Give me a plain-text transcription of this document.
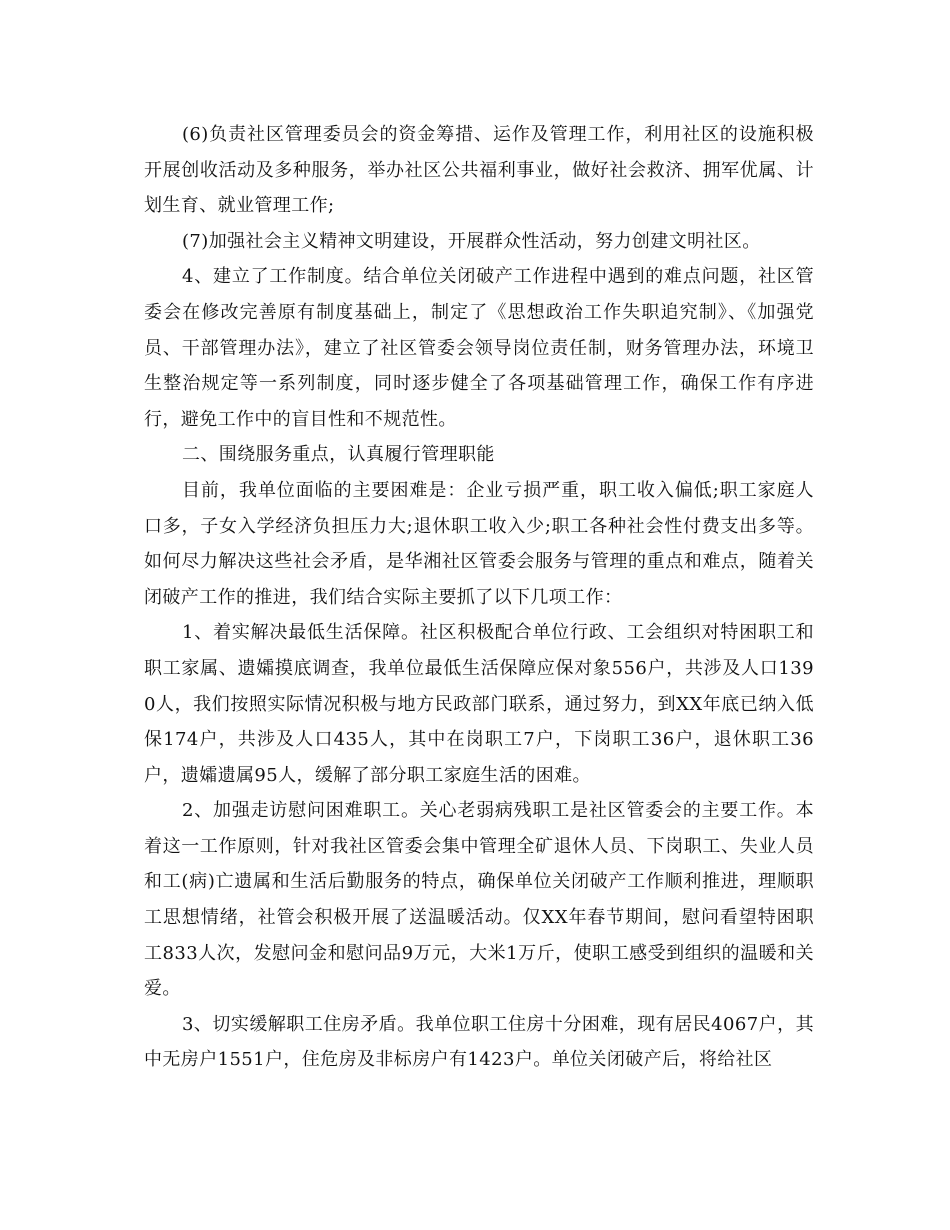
(6)负责社区管理委员会的资金筹措、运作及管理工作，利用社区的设施积极开展创收活动及多种服务，举办社区公共福利事业，做好社会救济、拥军优属、计划生育、就业管理工作;

(7)加强社会主义精神文明建设，开展群众性活动，努力创建文明社区。

4、建立了工作制度。结合单位关闭破产工作进程中遇到的难点问题，社区管委会在修改完善原有制度基础上，制定了《思想政治工作失职追究制》、《加强党员、干部管理办法》，建立了社区管委会领导岗位责任制，财务管理办法，环境卫生整治规定等一系列制度，同时逐步健全了各项基础管理工作，确保工作有序进行，避免工作中的盲目性和不规范性。

二、围绕服务重点，认真履行管理职能

目前，我单位面临的主要困难是：企业亏损严重，职工收入偏低;职工家庭人口多，子女入学经济负担压力大;退休职工收入少;职工各种社会性付费支出多等。如何尽力解决这些社会矛盾，是华湘社区管委会服务与管理的重点和难点，随着关闭破产工作的推进，我们结合实际主要抓了以下几项工作：

1、着实解决最低生活保障。社区积极配合单位行政、工会组织对特困职工和职工家属、遗孀摸底调查，我单位最低生活保障应保对象556户，共涉及人口1390人，我们按照实际情况积极与地方民政部门联系，通过努力，到XX年底已纳入低保174户，共涉及人口435人，其中在岗职工7户，下岗职工36户，退休职工36户，遗孀遗属95人，缓解了部分职工家庭生活的困难。

2、加强走访慰问困难职工。关心老弱病残职工是社区管委会的主要工作。本着这一工作原则，针对我社区管委会集中管理全矿退休人员、下岗职工、失业人员和工(病)亡遗属和生活后勤服务的特点，确保单位关闭破产工作顺利推进，理顺职工思想情绪，社管会积极开展了送温暖活动。仅XX年春节期间，慰问看望特困职工833人次，发慰问金和慰问品9万元，大米1万斤，使职工感受到组织的温暖和关爱。

3、切实缓解职工住房矛盾。我单位职工住房十分困难，现有居民4067户，其中无房户1551户，住危房及非标房户有1423户。单位关闭破产后，将给社区
